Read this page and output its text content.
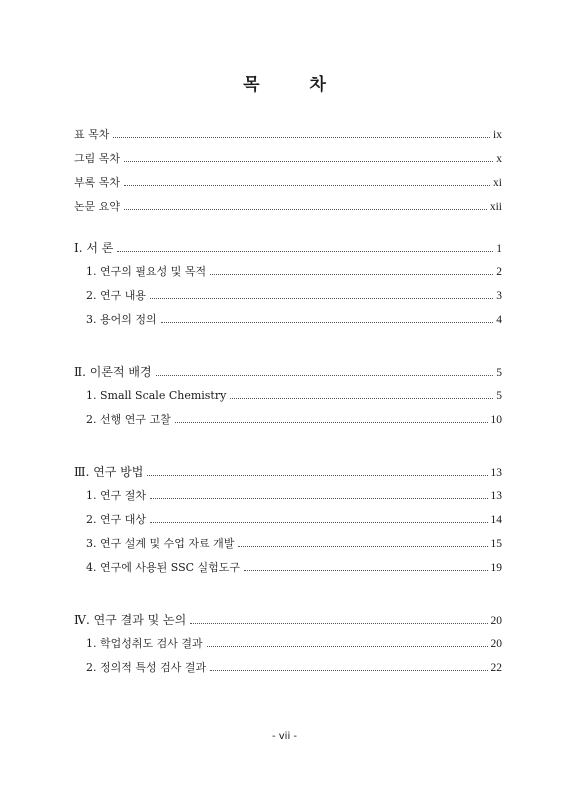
목	차
표 목차	ix
그림 목차	x
부록 목차	xi
논문 요약	xii
Ⅰ. 서 론	1
1. 연구의 필요성 및 목적	2
2. 연구 내용	3
3. 용어의 정의	4
Ⅱ. 이론적 배경	5
1. Small Scale Chemistry	5
2. 선행 연구 고찰	10
Ⅲ. 연구 방법	13
1. 연구 절차	13
2. 연구 대상	14
3. 연구 설계 및 수업 자료 개발	15
4. 연구에 사용된 SSC 실험도구	19
Ⅳ. 연구 결과 및 논의	20
1. 학업성취도 검사 결과	20
2. 정의적 특성 검사 결과	22
- vii -
